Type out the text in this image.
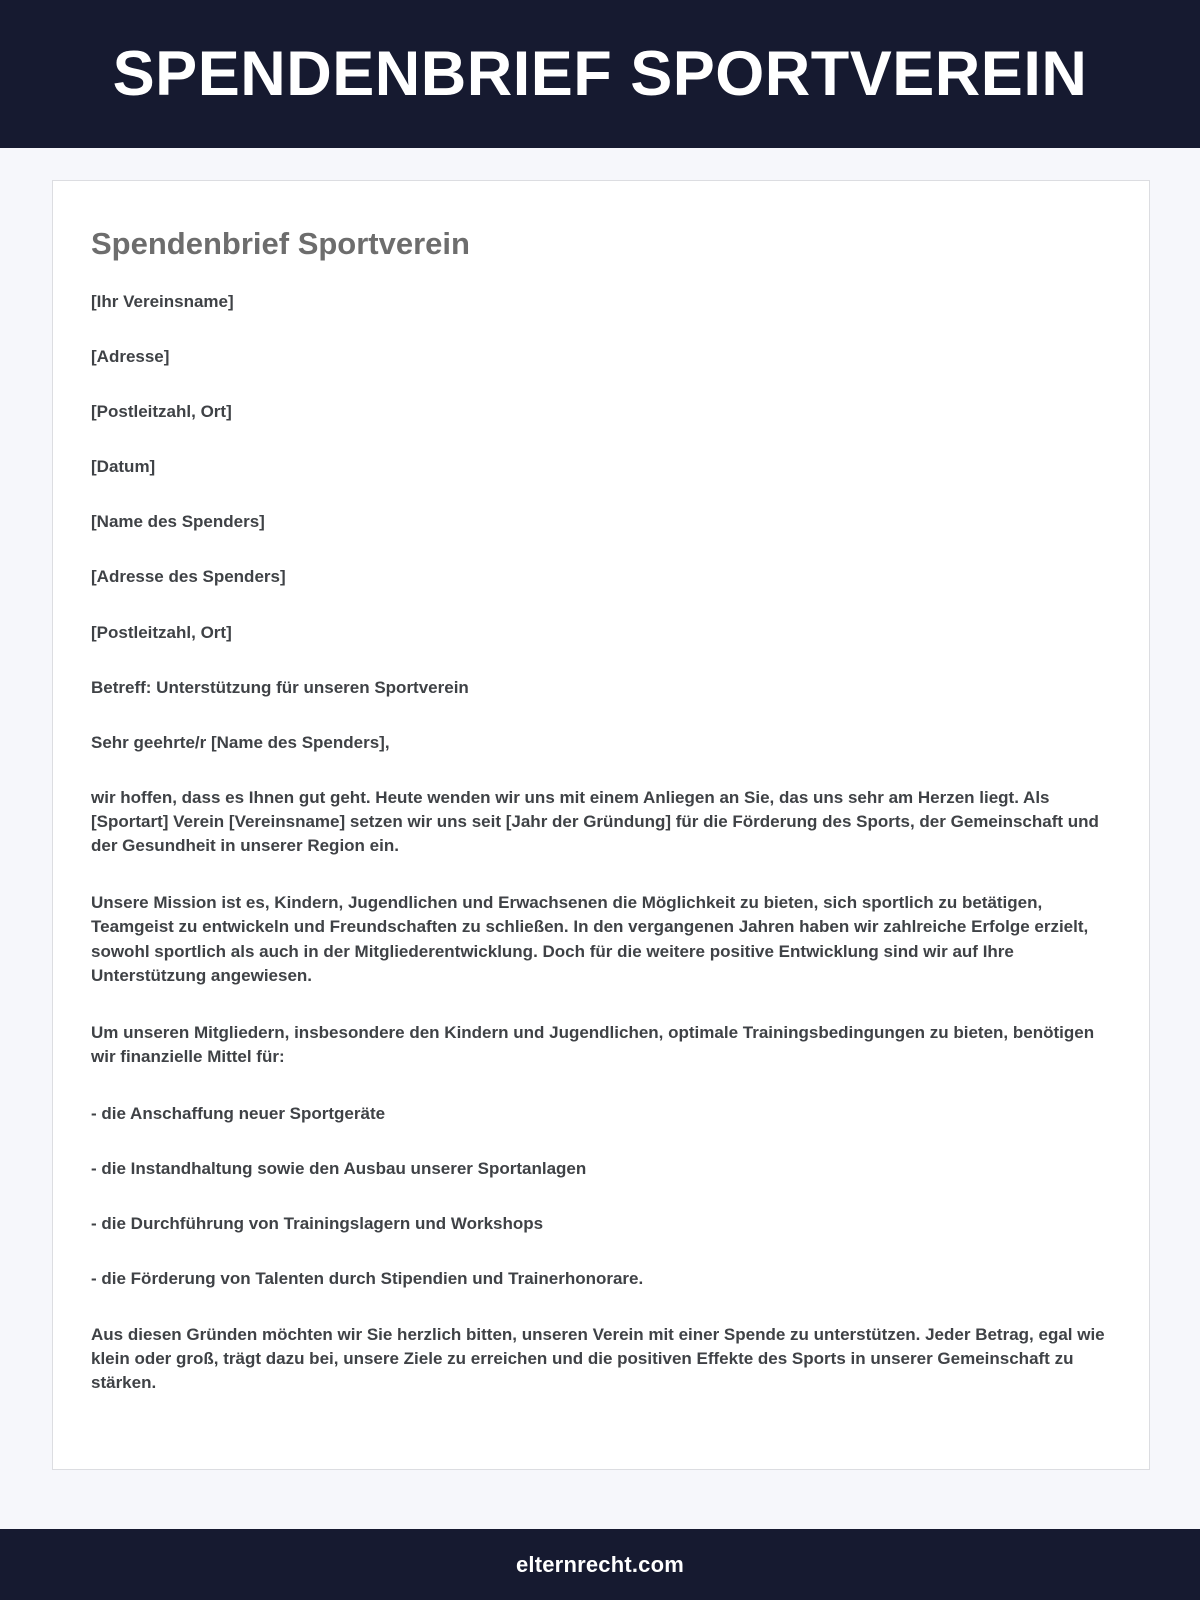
SPENDENBRIEF SPORTVEREIN
Spendenbrief Sportverein

[Ihr Vereinsname]

[Adresse]

[Postleitzahl, Ort]

[Datum]

[Name des Spenders]

[Adresse des Spenders]

[Postleitzahl, Ort]

Betreff: Unterstützung für unseren Sportverein

Sehr geehrte/r [Name des Spenders],

wir hoffen, dass es Ihnen gut geht. Heute wenden wir uns mit einem Anliegen an Sie, das uns sehr am Herzen liegt. Als [Sportart] Verein [Vereinsname] setzen wir uns seit [Jahr der Gründung] für die Förderung des Sports, der Gemeinschaft und der Gesundheit in unserer Region ein.

Unsere Mission ist es, Kindern, Jugendlichen und Erwachsenen die Möglichkeit zu bieten, sich sportlich zu betätigen, Teamgeist zu entwickeln und Freundschaften zu schließen. In den vergangenen Jahren haben wir zahlreiche Erfolge erzielt, sowohl sportlich als auch in der Mitgliederentwicklung. Doch für die weitere positive Entwicklung sind wir auf Ihre Unterstützung angewiesen.

Um unseren Mitgliedern, insbesondere den Kindern und Jugendlichen, optimale Trainingsbedingungen zu bieten, benötigen wir finanzielle Mittel für:

- die Anschaffung neuer Sportgeräte

- die Instandhaltung sowie den Ausbau unserer Sportanlagen

- die Durchführung von Trainingslagern und Workshops

- die Förderung von Talenten durch Stipendien und Trainerhonorare.

Aus diesen Gründen möchten wir Sie herzlich bitten, unseren Verein mit einer Spende zu unterstützen. Jeder Betrag, egal wie klein oder groß, trägt dazu bei, unsere Ziele zu erreichen und die positiven Effekte des Sports in unserer Gemeinschaft zu stärken.

elternrecht.com
